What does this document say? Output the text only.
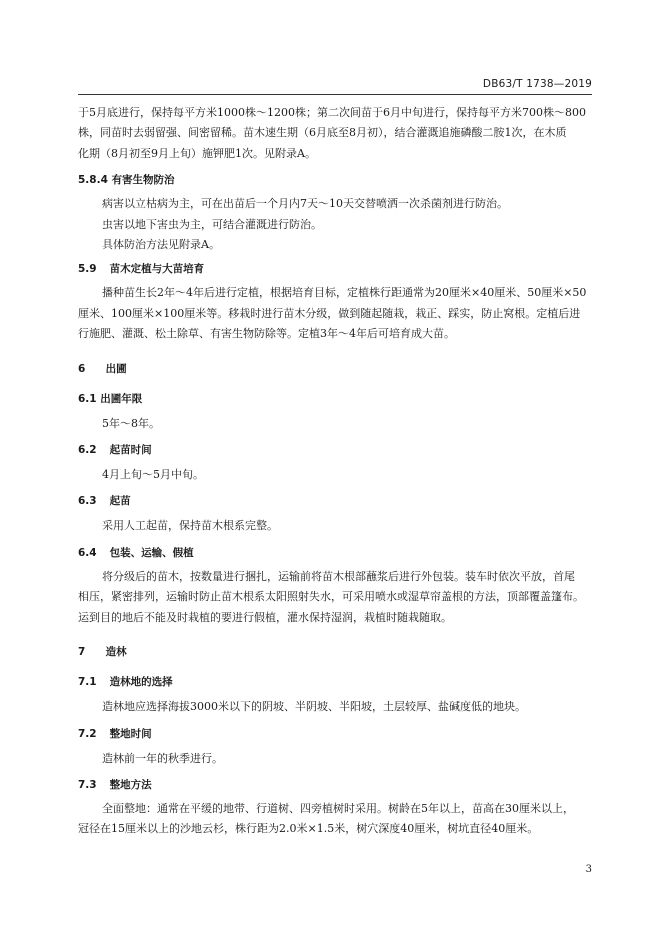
DB63/T 1738—2019

于5月底进行，保持每平方米1000株～1200株；第二次间苗于6月中旬进行，保持每平方米700株～800

株，同苗时去弱留强、间密留稀。苗木速生期（6月底至8月初），结合灌溉追施磷酸二胺1次，在木质

化期（8月初至9月上旬）施钾肥1次。见附录A。

5.8.4 有害生物防治

病害以立枯病为主，可在出苗后一个月内7天～10天交替喷洒一次杀菌剂进行防治。

虫害以地下害虫为主，可结合灌溉进行防治。

具体防治方法见附录A。

5.9 苗木定植与大苗培育

播种苗生长2年～4年后进行定植，根据培育目标，定植株行距通常为20厘米×40厘米、50厘米×50

厘米、100厘米×100厘米等。移栽时进行苗木分级，做到随起随栽，栽正、踩实，防止窝根。定植后进

行施肥、灌溉、松土除草、有害生物防除等。定植3年～4年后可培育成大苗。

6 出圃
6.1 出圃年限

5年～8年。

6.2 起苗时间

4月上旬～5月中旬。

6.3 起苗

采用人工起苗，保持苗木根系完整。

6.4 包装、运输、假植

将分级后的苗木，按数量进行捆扎，运输前将苗木根部蘸浆后进行外包装。装车时依次平放，首尾

相压，紧密排列，运输时防止苗木根系太阳照射失水，可采用喷水或湿草帘盖根的方法，顶部覆盖篷布。

运到目的地后不能及时栽植的要进行假植，灌水保持湿润，栽植时随栽随取。

7 造林
7.1 造林地的选择

造林地应选择海拔3000米以下的阴坡、半阴坡、半阳坡，土层较厚、盐碱度低的地块。

7.2 整地时间

造林前一年的秋季进行。

7.3 整地方法

全面整地：通常在平缓的地带、行道树、四旁植树时采用。树龄在5年以上，苗高在30厘米以上，

冠径在15厘米以上的沙地云杉，株行距为2.0米×1.5米，树穴深度40厘米，树坑直径40厘米。

3
